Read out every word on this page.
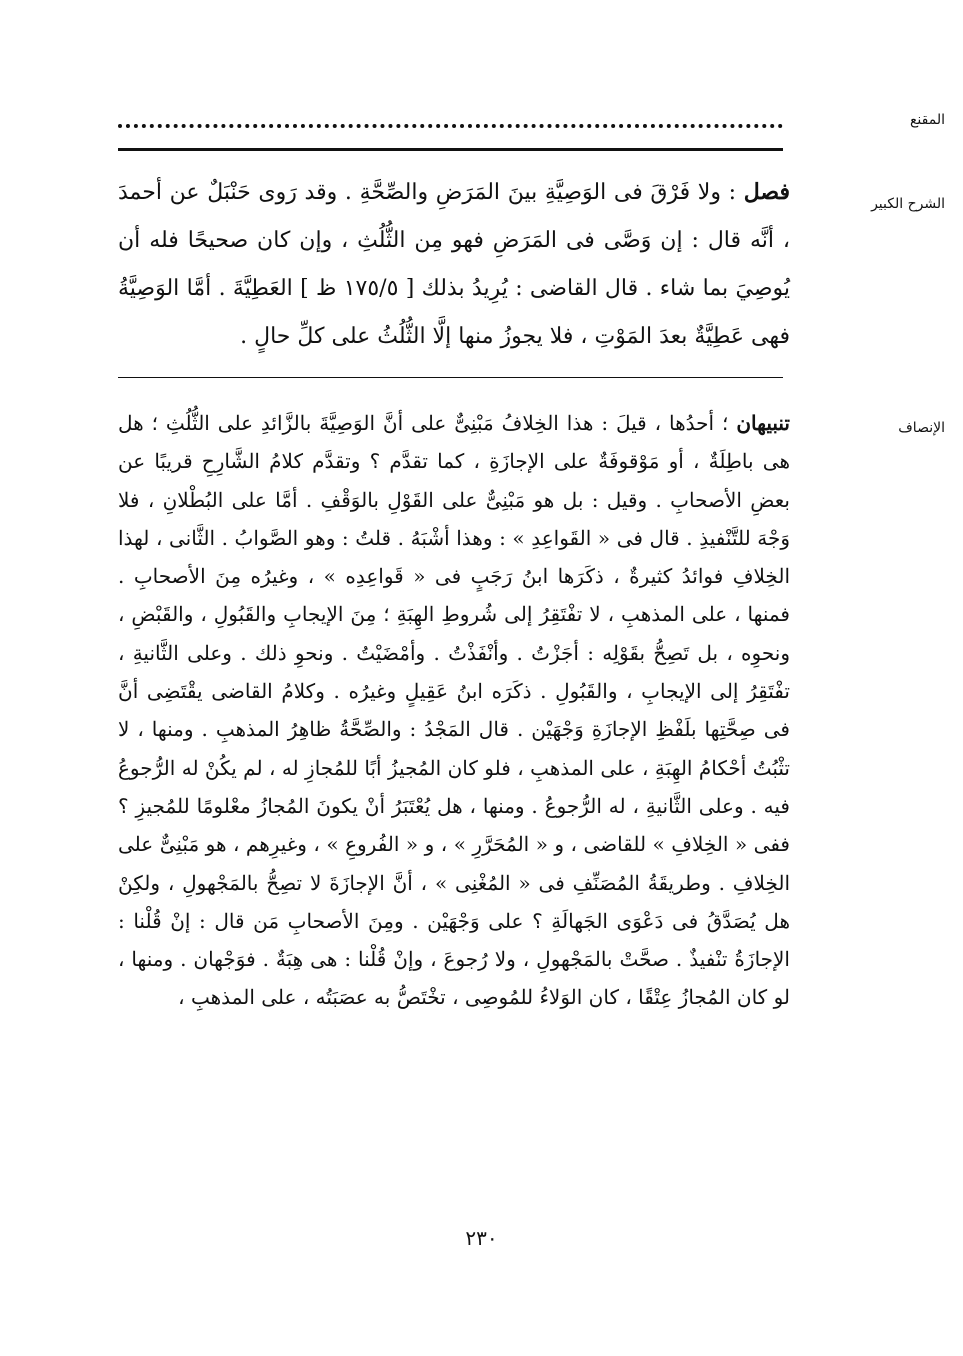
المقنع
الشرح الكبير
فصل : ولا فَرْقَ فى الوَصِيَّةِ بينَ المَرَضِ والصِّحَّةِ . وقد رَوى حَنْبَلٌ عن أحمدَ ، أنَّه قال : إن وَصَّى فى المَرَضِ فهو مِن الثُّلُثِ ، وإن كان صحيحًا فله أن يُوصِيَ بما شاء . قال القاضى : يُرِيدُ بذلك [ ١٧٥/٥ ظ ] العَطِيَّةَ . أمَّا الوَصِيَّةُ فهى عَطِيَّةٌ بعدَ المَوْتِ ، فلا يجوزُ منها إلَّا الثُّلُثُ على كلِّ حالٍ .
الإنصاف
تنبيهان ؛ أحدُها ، قيلَ : هذا الخِلافُ مَبْنِىٌّ على أنَّ الوَصِيَّةَ بالزَّائدِ على الثُّلُثِ ؛ هل هى باطِلَةٌ ، أو مَوْقوفَةٌ على الإجازَةِ ، كما تقدَّم ؟ وتقدَّم كلامُ الشَّارِحِ قريبًا عن بعضِ الأصحابِ . وقيل : بل هو مَبْنِىٌّ على القَوْلِ بالوَقْفِ . أمَّا على البُطْلانِ ، فلا وَجْهَ للتَّنْفيذِ . قال فى « القَواعِدِ » : وهذا أشْبَهُ . قلتُ : وهو الصَّوابُ . الثَّانى ، لهذا الخِلافِ فوائدُ كثيرةٌ ، ذكَرَها ابنُ رَجَبٍ فى « قَواعِدِه » ، وغيرُه مِنَ الأصحابِ . فمنها ، على المذهبِ ، لا تفْتَقِرُ إلى شُروطِ الهِبَةِ ؛ مِنَ الإيجابِ والقَبُولِ ، والقَبْضِ ، ونحوِه ، بل تَصِحُّ بقَوْلِه : أجَزْتُ . وأنْفَذْتُ . وأمْضَيْتُ . ونحوِ ذلك . وعلى الثَّانيةِ ، تفْتَقِرُ إلى الإيجابِ ، والقَبُولِ . ذكَرَه ابنُ عَقِيلٍ وغيرُه . وكلامُ القاضى يقْتَضِى أنَّ فى صِحَّتِها بلَفْظِ الإجازَةِ وَجْهَيْن . قال المَجْدُ : والصِّحَّةُ ظاهِرُ المذهبِ . ومنها ، لا تثْبُتُ أحْكامُ الهِبَةِ ، على المذهبِ ، فلو كان المُجيزُ أبًا للمُجازِ له ، لم يكُنْ له الرُّجوعُ فيه . وعلى الثَّانيةِ ، له الرُّجوعُ . ومنها ، هل يُعْتَبَرُ أنْ يكونَ المُجازُ معْلومًا للمُجيزِ ؟ ففى « الخِلافِ » للقاضى ، و « المُحَرَّرِ » ، و « الفُروعِ » ، وغيرِهم ، هو مَبْنِىٌّ على الخِلافِ . وطريقَةُ المُصَنِّفِ فى « المُغْنِى » ، أنَّ الإجازَةَ لا تصِحُّ بالمَجْهولِ ، ولكِنْ هل يُصَدَّقُ فى دَعْوَى الجَهالَةِ ؟ على وَجْهَيْن . ومِنَ الأصحابِ مَن قال : إنْ قُلْنا : الإجازَةُ تنْفيذٌ . صحَّتْ بالمَجْهولِ ، ولا رُجوعَ ، وإنْ قُلْنا : هى هِبَةٌ . فوَجْهان . ومنها ، لو كان المُجازُ عِتْقًا ، كان الوَلاءُ للمُوصِى ، تخْتَصُّ به عصَبَتُه ، على المذهبِ ،
٢٣٠
